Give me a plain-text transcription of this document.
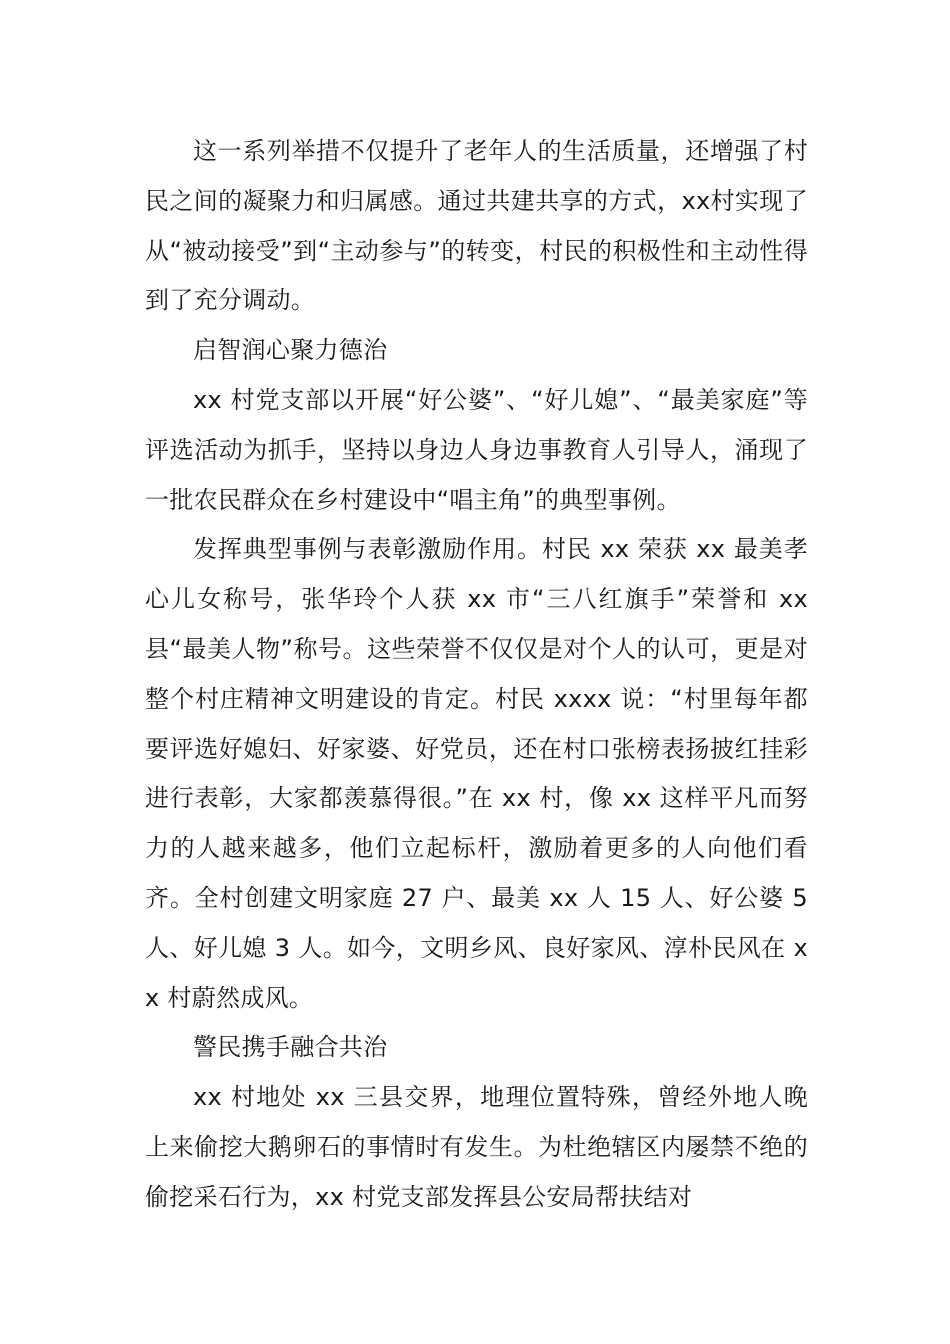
这一系列举措不仅提升了老年人的生活质量，还增强了村民之间的凝聚力和归属感。通过共建共享的方式，xx村实现了从“被动接受”到“主动参与”的转变，村民的积极性和主动性得到了充分调动。

启智润心聚力德治

xx 村党支部以开展“好公婆”、“好儿媳”、“最美家庭”等评选活动为抓手，坚持以身边人身边事教育人引导人，涌现了一批农民群众在乡村建设中“唱主角”的典型事例。

发挥典型事例与表彰激励作用。村民 xx 荣获 xx 最美孝心儿女称号，张华玲个人获 xx 市“三八红旗手”荣誉和 xx 县“最美人物”称号。这些荣誉不仅仅是对个人的认可，更是对整个村庄精神文明建设的肯定。村民 xxxx 说：“村里每年都要评选好媳妇、好家婆、好党员，还在村口张榜表扬披红挂彩进行表彰，大家都羡慕得很。”在 xx 村，像 xx 这样平凡而努力的人越来越多，他们立起标杆，激励着更多的人向他们看齐。全村创建文明家庭 27 户、最美 xx 人 15 人、好公婆 5 人、好儿媳 3 人。如今，文明乡风、良好家风、淳朴民风在 xx 村蔚然成风。

警民携手融合共治

xx 村地处 xx 三县交界，地理位置特殊，曾经外地人晚上来偷挖大鹅卵石的事情时有发生。为杜绝辖区内屡禁不绝的偷挖采石行为，xx 村党支部发挥县公安局帮扶结对
